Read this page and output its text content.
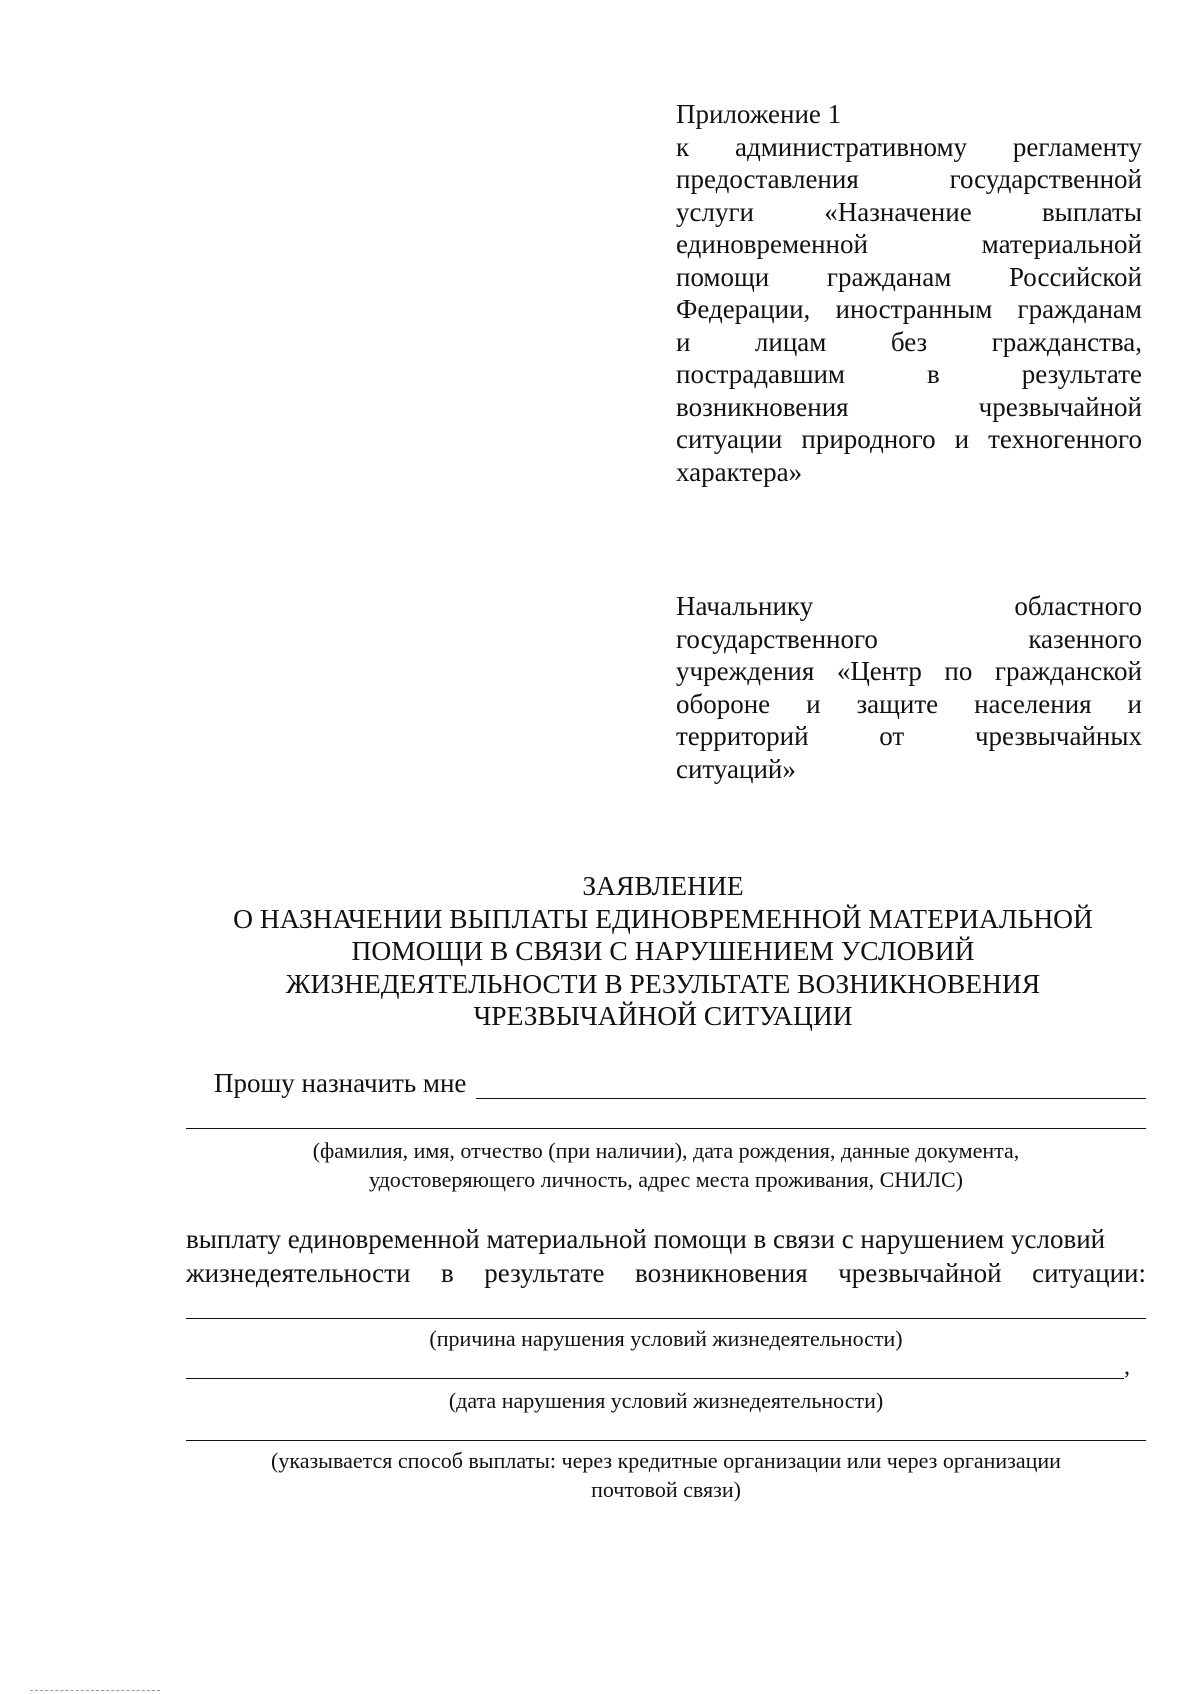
Приложение 1
к административному регламенту
предоставления	государственной
услуги	«Назначение	выплаты
единовременной	материальной
помощи гражданам Российской
Федерации, иностранным гражданам
и лицам без гражданства,
пострадавшим	в	результате
возникновения	чрезвычайной
ситуации природного и техногенного
характера»
Начальнику	областного
государственного	казенного
учреждения «Центр по гражданской
обороне и защите населения и
территорий	от	чрезвычайных
ситуаций»
ЗАЯВЛЕНИЕ
О НАЗНАЧЕНИИ ВЫПЛАТЫ ЕДИНОВРЕМЕННОЙ МАТЕРИАЛЬНОЙ
ПОМОЩИ В СВЯЗИ С НАРУШЕНИЕМ УСЛОВИЙ
ЖИЗНЕДЕЯТЕЛЬНОСТИ В РЕЗУЛЬТАТЕ ВОЗНИКНОВЕНИЯ
ЧРЕЗВЫЧАЙНОЙ СИТУАЦИИ
Прошу назначить мне
(фамилия, имя, отчество (при наличии), дата рождения, данные документа,
удостоверяющего личность, адрес места проживания, СНИЛС)
выплату единовременной материальной помощи в связи с нарушением условий
жизнедеятельности в результате возникновения чрезвычайной ситуации:
(причина нарушения условий жизнедеятельности)
,
(дата нарушения условий жизнедеятельности)
(указывается способ выплаты: через кредитные организации или через организации
почтовой связи)
